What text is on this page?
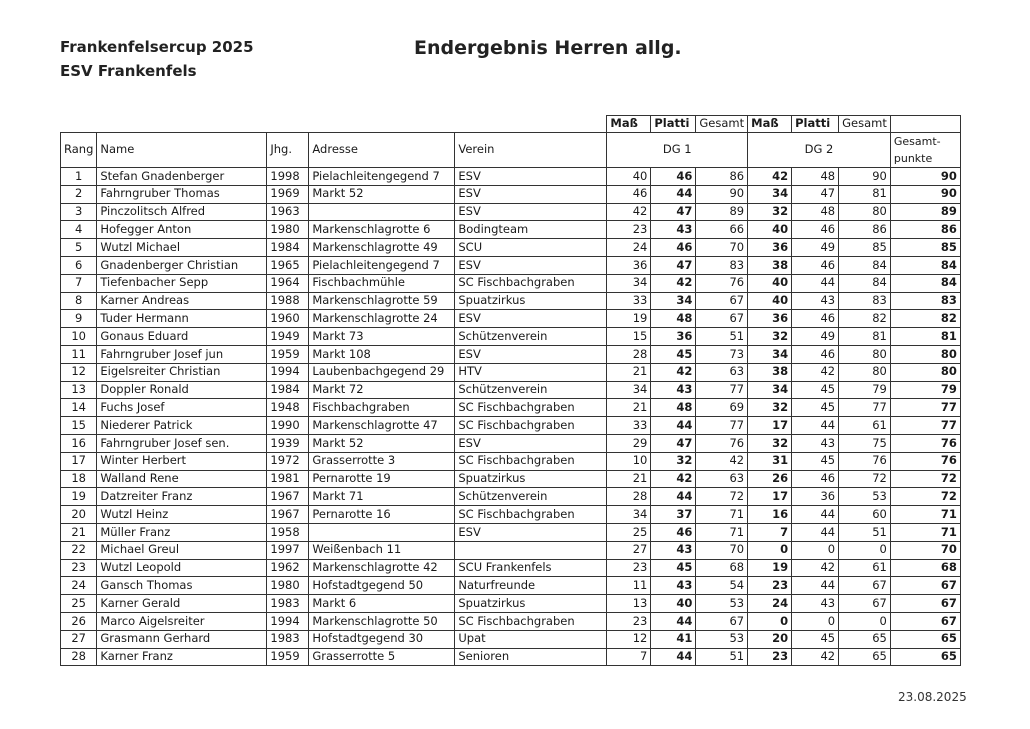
Frankenfelsercup 2025
ESV Frankenfels
Endergebnis Herren allg.
					Maß	Platti	Gesamt	Maß	Platti	Gesamt	
Rang	Name	Jhg.	Adresse	Verein	DG 1			DG 2			Gesamt-punkte
1	Stefan Gnadenberger	1998	Pielachleitengegend 7	ESV	40	46	86	42	48	90	90
2	Fahrngruber Thomas	1969	Markt 52	ESV	46	44	90	34	47	81	90
3	Pinczolitsch Alfred	1963		ESV	42	47	89	32	48	80	89
4	Hofegger Anton	1980	Markenschlagrotte 6	Bodingteam	23	43	66	40	46	86	86
5	Wutzl Michael	1984	Markenschlagrotte 49	SCU	24	46	70	36	49	85	85
6	Gnadenberger Christian	1965	Pielachleitengegend 7	ESV	36	47	83	38	46	84	84
7	Tiefenbacher Sepp	1964	Fischbachmühle	SC Fischbachgraben	34	42	76	40	44	84	84
8	Karner Andreas	1988	Markenschlagrotte 59	Spuatzirkus	33	34	67	40	43	83	83
9	Tuder Hermann	1960	Markenschlagrotte 24	ESV	19	48	67	36	46	82	82
10	Gonaus Eduard	1949	Markt 73	Schützenverein	15	36	51	32	49	81	81
11	Fahrngruber Josef jun	1959	Markt 108	ESV	28	45	73	34	46	80	80
12	Eigelsreiter Christian	1994	Laubenbachgegend 29	HTV	21	42	63	38	42	80	80
13	Doppler Ronald	1984	Markt 72	Schützenverein	34	43	77	34	45	79	79
14	Fuchs Josef	1948	Fischbachgraben	SC Fischbachgraben	21	48	69	32	45	77	77
15	Niederer Patrick	1990	Markenschlagrotte 47	SC Fischbachgraben	33	44	77	17	44	61	77
16	Fahrngruber Josef sen.	1939	Markt 52	ESV	29	47	76	32	43	75	76
17	Winter Herbert	1972	Grasserrotte 3	SC Fischbachgraben	10	32	42	31	45	76	76
18	Walland Rene	1981	Pernarotte 19	Spuatzirkus	21	42	63	26	46	72	72
19	Datzreiter Franz	1967	Markt 71	Schützenverein	28	44	72	17	36	53	72
20	Wutzl Heinz	1967	Pernarotte 16	SC Fischbachgraben	34	37	71	16	44	60	71
21	Müller Franz	1958		ESV	25	46	71	7	44	51	71
22	Michael Greul	1997	Weißenbach 11		27	43	70	0	0	0	70
23	Wutzl Leopold	1962	Markenschlagrotte 42	SCU Frankenfels	23	45	68	19	42	61	68
24	Gansch Thomas	1980	Hofstadtgegend 50	Naturfreunde	11	43	54	23	44	67	67
25	Karner Gerald	1983	Markt 6	Spuatzirkus	13	40	53	24	43	67	67
26	Marco Aigelsreiter	1994	Markenschlagrotte 50	SC Fischbachgraben	23	44	67	0	0	0	67
27	Grasmann Gerhard	1983	Hofstadtgegend 30	Upat	12	41	53	20	45	65	65
28	Karner Franz	1959	Grasserrotte 5	Senioren	7	44	51	23	42	65	65
23.08.2025
